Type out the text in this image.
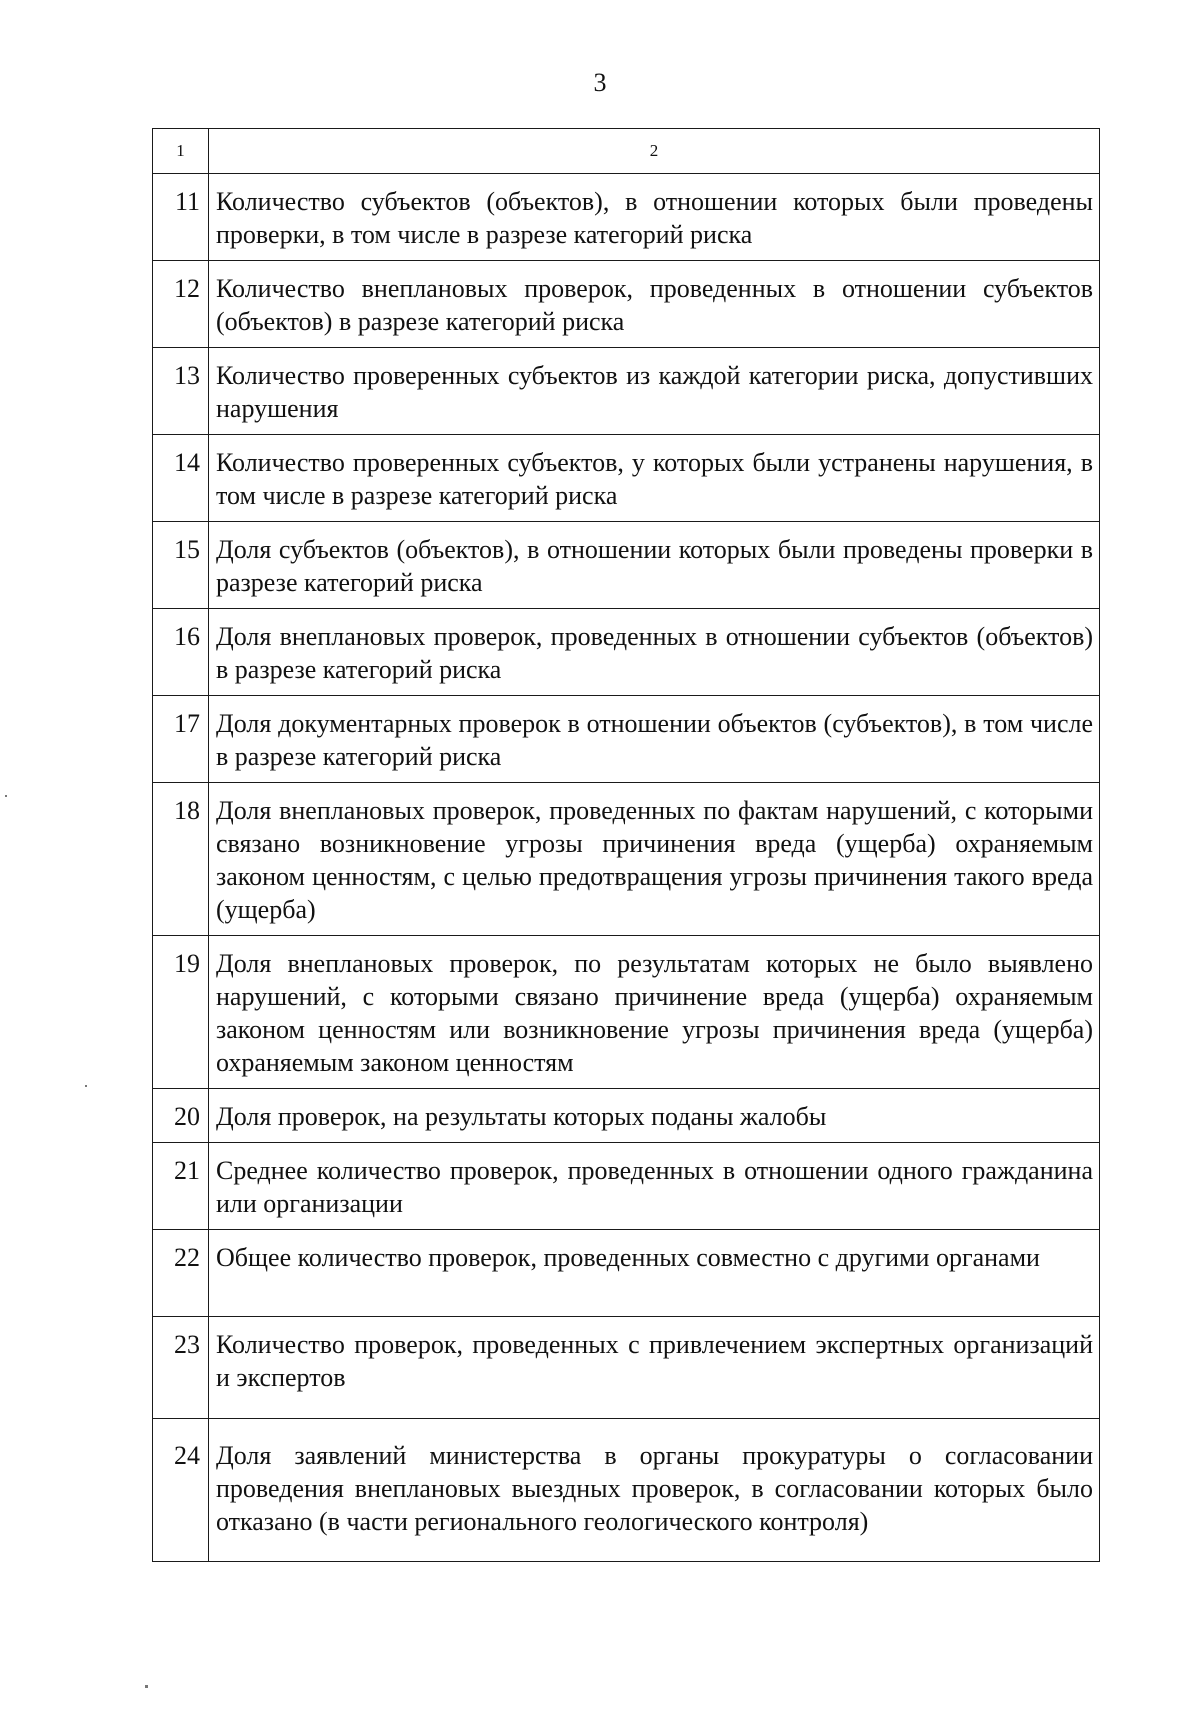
3
1	2
11	Количество субъектов (объектов), в отношении которых были проведены проверки, в том числе в разрезе категорий риска
12	Количество внеплановых проверок, проведенных в отношении субъектов (объектов) в разрезе категорий риска
13	Количество проверенных субъектов из каждой категории риска, допустивших нарушения
14	Количество проверенных субъектов, у которых были устранены нарушения, в том числе в разрезе категорий риска
15	Доля субъектов (объектов), в отношении которых были проведены проверки в разрезе категорий риска
16	Доля внеплановых проверок, проведенных в отношении субъектов (объектов) в разрезе категорий риска
17	Доля документарных проверок в отношении объектов (субъектов), в том числе в разрезе категорий риска
18	Доля внеплановых проверок, проведенных по фактам нарушений, с которыми связано возникновение угрозы причинения вреда (ущерба) охраняемым законом ценностям, с целью предотвращения угрозы причинения такого вреда (ущерба)
19	Доля внеплановых проверок, по результатам которых не было выявлено нарушений, с которыми связано причинение вреда (ущерба) охраняемым законом ценностям или возникновение угрозы причинения вреда (ущерба) охраняемым законом ценностям
20	Доля проверок, на результаты которых поданы жалобы
21	Среднее количество проверок, проведенных в отношении одного гражданина или организации
22	Общее количество проверок, проведенных совместно с другими органами
23	Количество проверок, проведенных с привлечением экспертных организаций и экспертов
24	Доля заявлений министерства в органы прокуратуры о согласовании проведения внеплановых выездных проверок, в согласовании которых было отказано (в части регионального геологического контроля)
